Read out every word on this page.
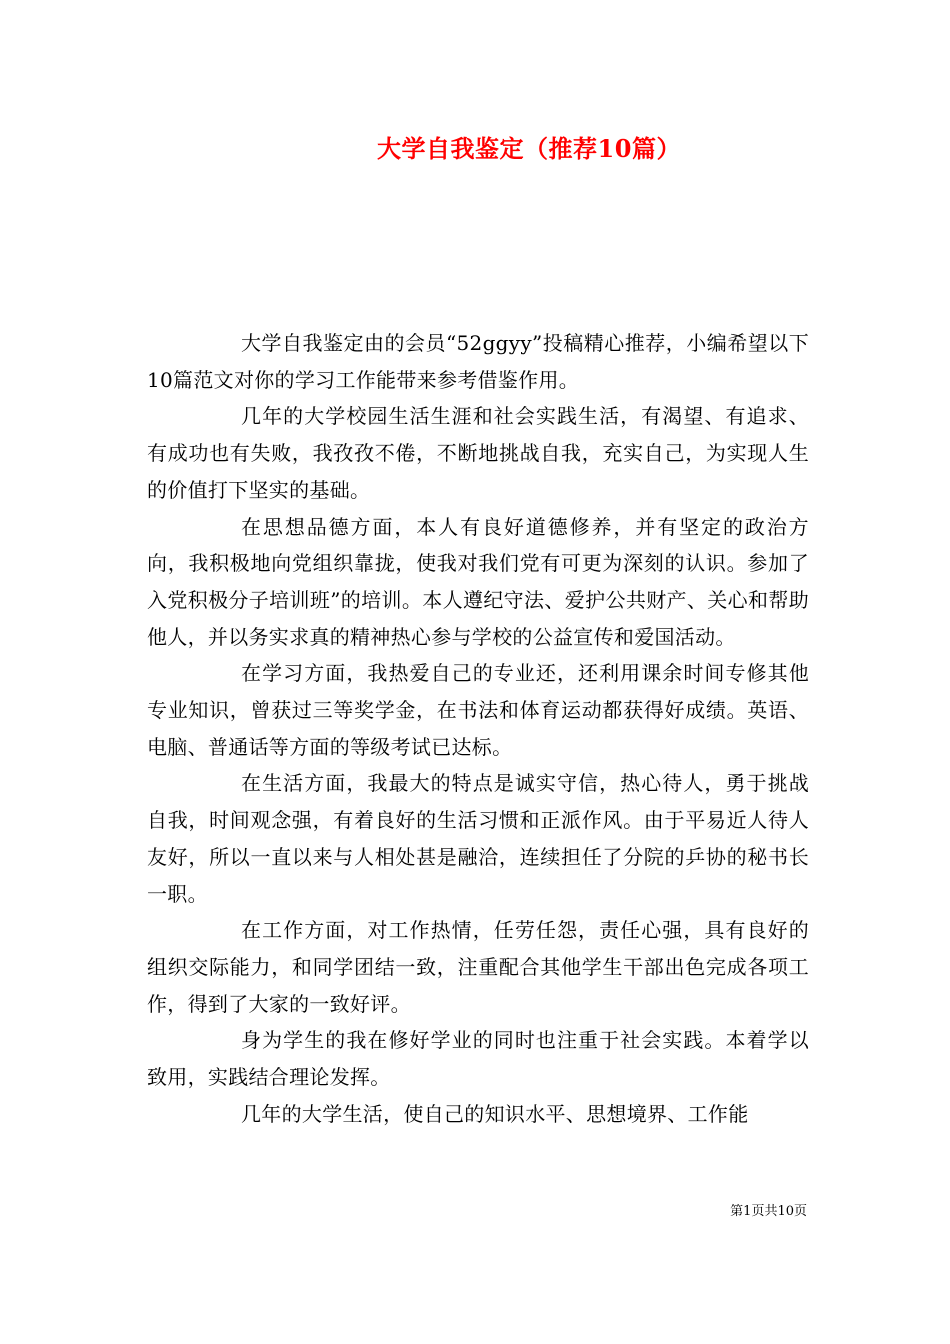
大学自我鉴定（推荐10篇）

大学自我鉴定由的会员“52ggyy”投稿精心推荐，小编希望以下10篇范文对你的学习工作能带来参考借鉴作用。

几年的大学校园生活生涯和社会实践生活，有渴望、有追求、有成功也有失败，我孜孜不倦，不断地挑战自我，充实自己，为实现人生的价值打下坚实的基础。

在思想品德方面，本人有良好道德修养，并有坚定的政治方向，我积极地向党组织靠拢，使我对我们党有可更为深刻的认识。参加了入党积极分子培训班”的培训。本人遵纪守法、爱护公共财产、关心和帮助他人，并以务实求真的精神热心参与学校的公益宣传和爱国活动。

在学习方面，我热爱自己的专业还，还利用课余时间专修其他专业知识，曾获过三等奖学金，在书法和体育运动都获得好成绩。英语、电脑、普通话等方面的等级考试已达标。

在生活方面，我最大的特点是诚实守信，热心待人，勇于挑战自我，时间观念强，有着良好的生活习惯和正派作风。由于平易近人待人友好，所以一直以来与人相处甚是融洽，连续担任了分院的乒协的秘书长一职。

在工作方面，对工作热情，任劳任怨，责任心强，具有良好的组织交际能力，和同学团结一致，注重配合其他学生干部出色完成各项工作，得到了大家的一致好评。

身为学生的我在修好学业的同时也注重于社会实践。本着学以致用，实践结合理论发挥。

几年的大学生活，使自己的知识水平、思想境界、工作能

第1页共10页
